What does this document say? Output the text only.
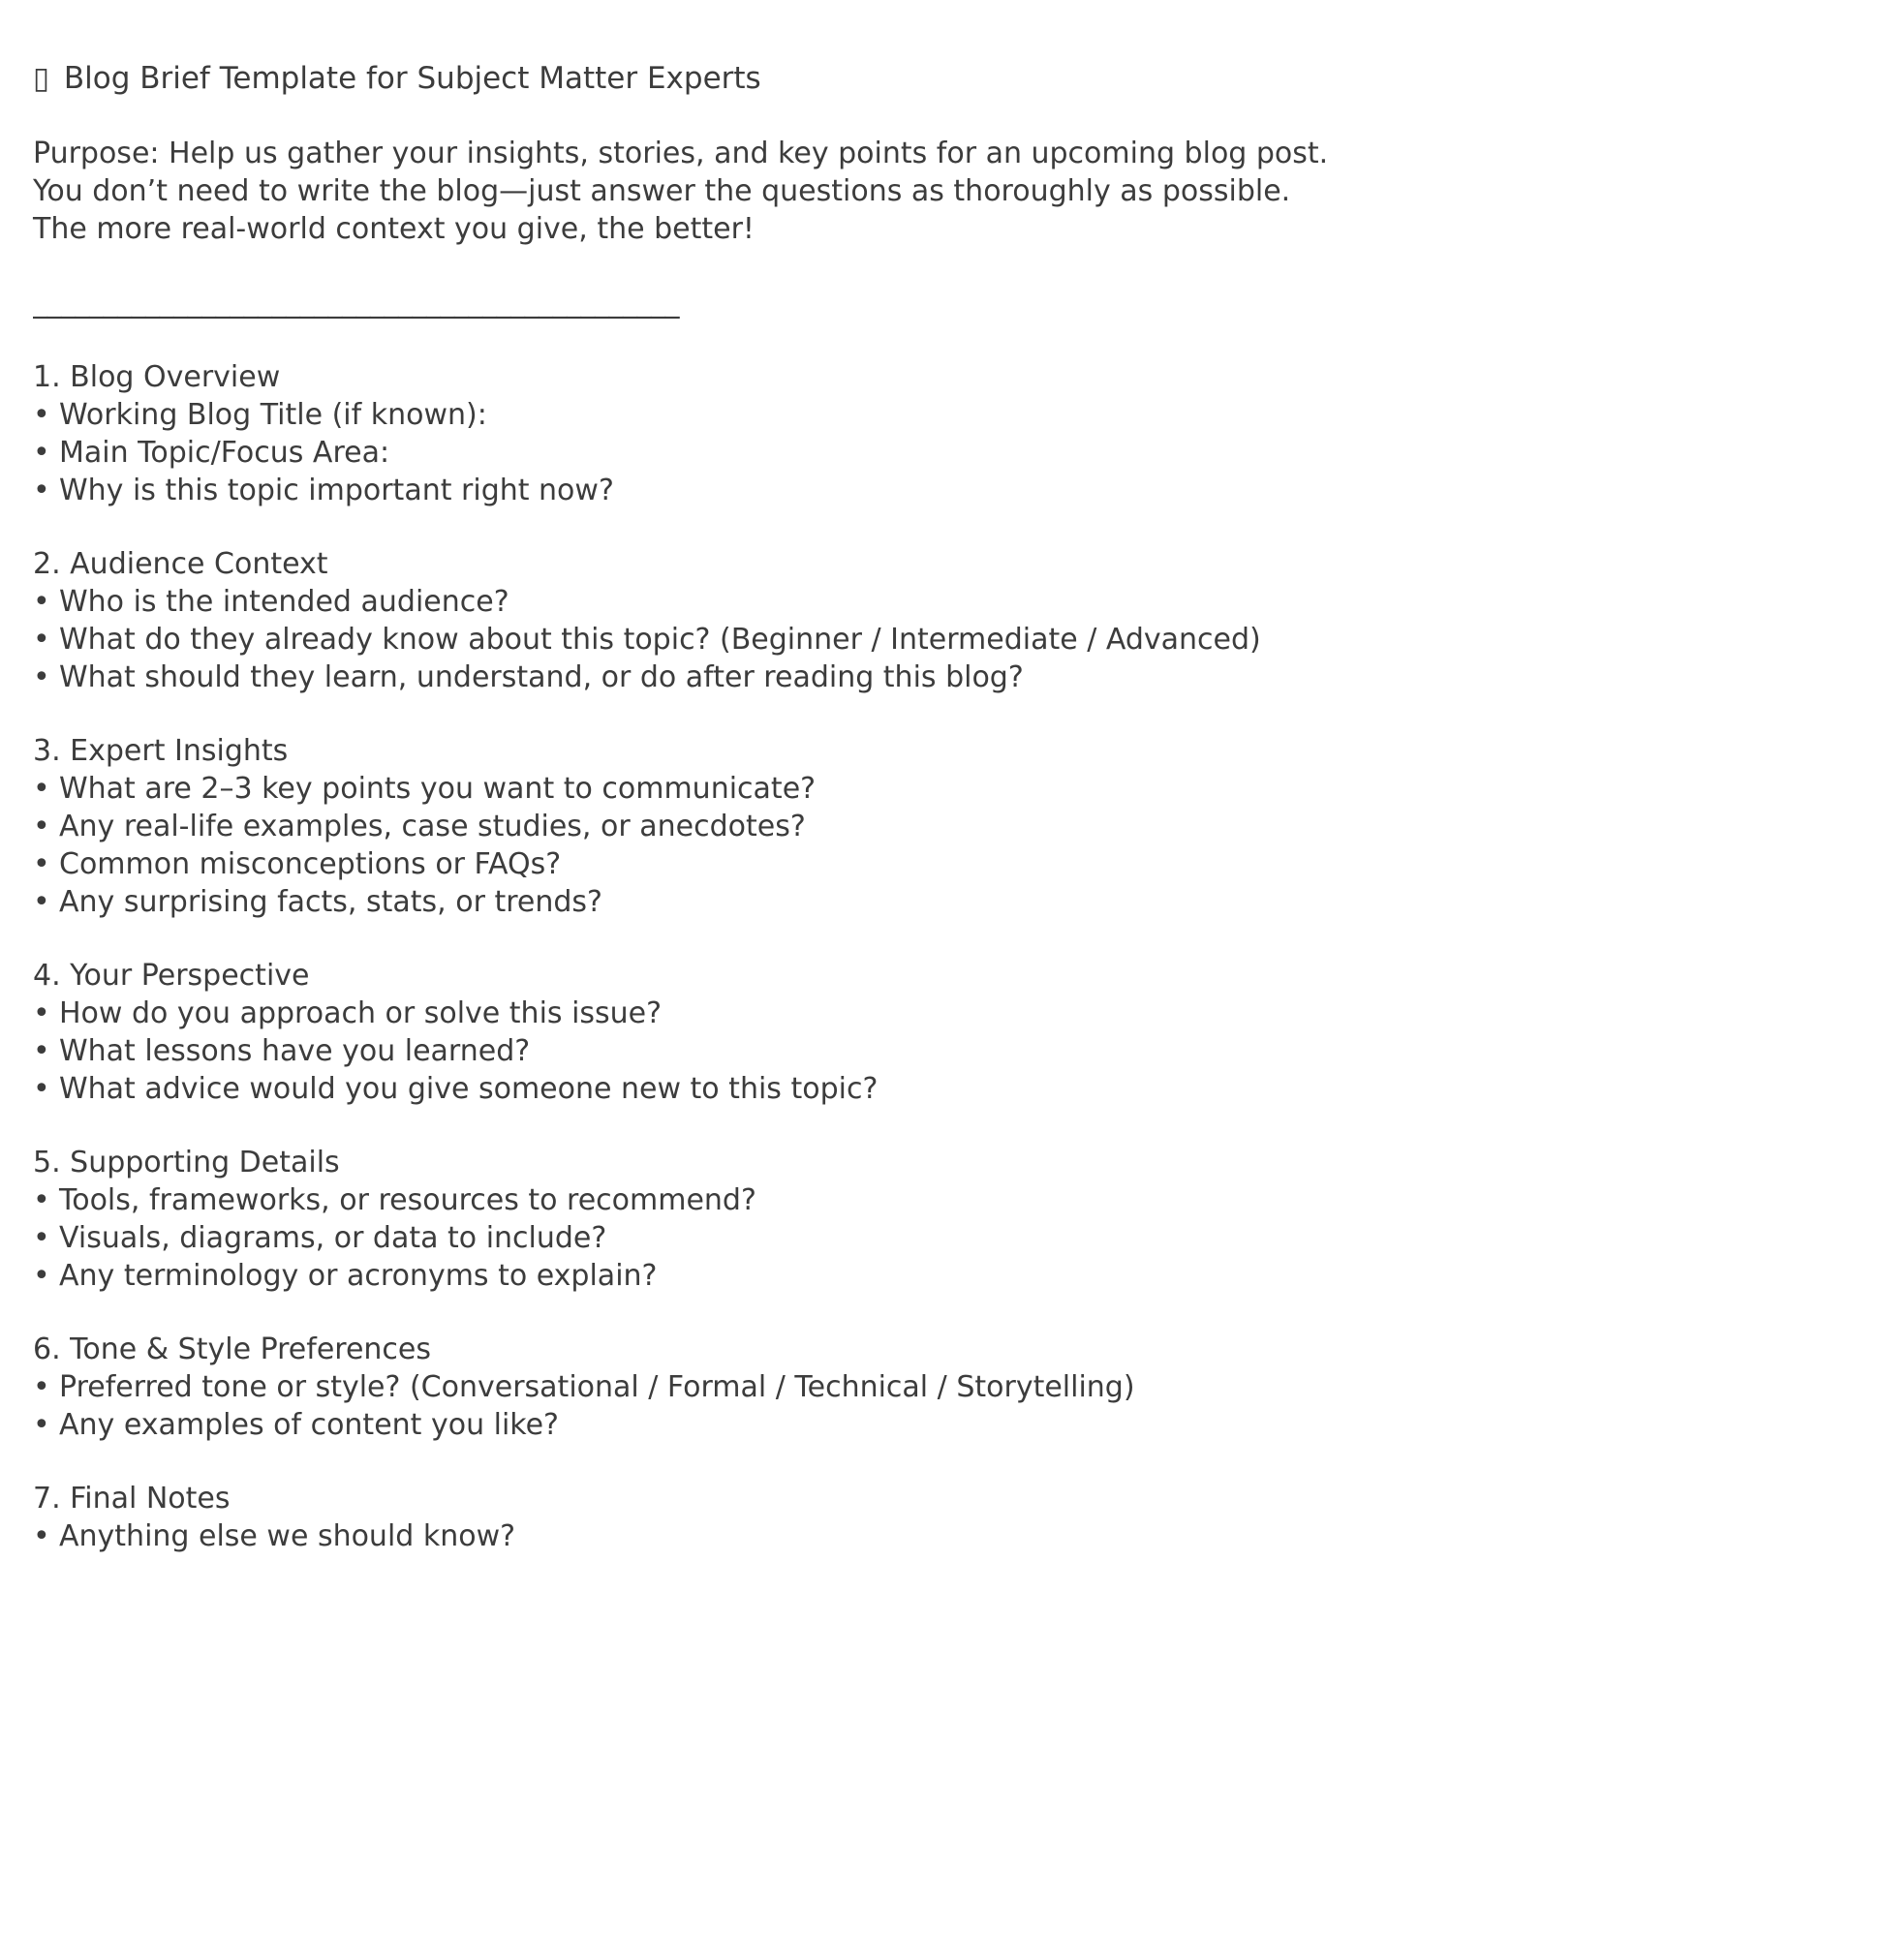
▯ Blog Brief Template for Subject Matter Experts
Purpose: Help us gather your insights, stories, and key points for an upcoming blog post.
You don’t need to write the blog—just answer the questions as thoroughly as possible.
The more real-world context you give, the better!
______________________________________________
1. Blog Overview
• Working Blog Title (if known):
• Main Topic/Focus Area:
• Why is this topic important right now?
2. Audience Context
• Who is the intended audience?
• What do they already know about this topic? (Beginner / Intermediate / Advanced)
• What should they learn, understand, or do after reading this blog?
3. Expert Insights
• What are 2–3 key points you want to communicate?
• Any real-life examples, case studies, or anecdotes?
• Common misconceptions or FAQs?
• Any surprising facts, stats, or trends?
4. Your Perspective
• How do you approach or solve this issue?
• What lessons have you learned?
• What advice would you give someone new to this topic?
5. Supporting Details
• Tools, frameworks, or resources to recommend?
• Visuals, diagrams, or data to include?
• Any terminology or acronyms to explain?
6. Tone & Style Preferences
• Preferred tone or style? (Conversational / Formal / Technical / Storytelling)
• Any examples of content you like?
7. Final Notes
• Anything else we should know?
